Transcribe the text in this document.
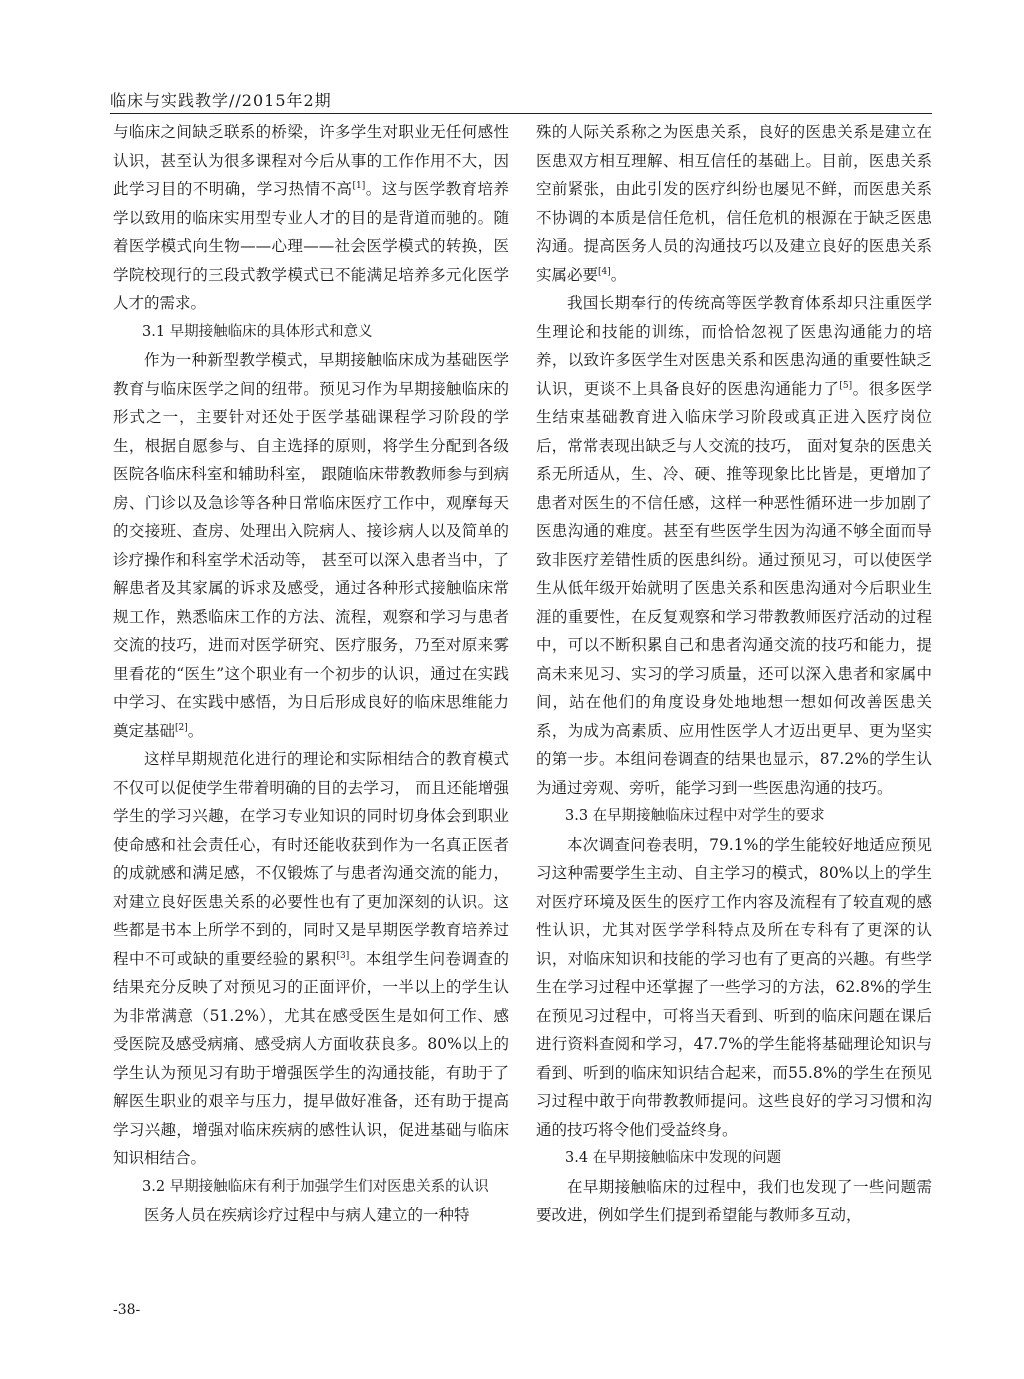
临床与实践教学//2015年2期

与临床之间缺乏联系的桥梁，许多学生对职业无任何感性认识，甚至认为很多课程对今后从事的工作作用不大，因此学习目的不明确，学习热情不高[1]。这与医学教育培养学以致用的临床实用型专业人才的目的是背道而驰的。随着医学模式向生物——心理——社会医学模式的转换，医学院校现行的三段式教学模式已不能满足培养多元化医学人才的需求。

3.1 早期接触临床的具体形式和意义

作为一种新型教学模式，早期接触临床成为基础医学教育与临床医学之间的纽带。预见习作为早期接触临床的形式之一，主要针对还处于医学基础课程学习阶段的学生，根据自愿参与、自主选择的原则，将学生分配到各级医院各临床科室和辅助科室， 跟随临床带教教师参与到病房、门诊以及急诊等各种日常临床医疗工作中，观摩每天的交接班、查房、处理出入院病人、接诊病人以及简单的诊疗操作和科室学术活动等， 甚至可以深入患者当中，了解患者及其家属的诉求及感受，通过各种形式接触临床常规工作，熟悉临床工作的方法、流程，观察和学习与患者交流的技巧，进而对医学研究、医疗服务，乃至对原来雾里看花的“医生”这个职业有一个初步的认识，通过在实践中学习、在实践中感悟，为日后形成良好的临床思维能力奠定基础[2]。

这样早期规范化进行的理论和实际相结合的教育模式不仅可以促使学生带着明确的目的去学习， 而且还能增强学生的学习兴趣，在学习专业知识的同时切身体会到职业使命感和社会责任心，有时还能收获到作为一名真正医者的成就感和满足感，不仅锻炼了与患者沟通交流的能力，对建立良好医患关系的必要性也有了更加深刻的认识。这些都是书本上所学不到的，同时又是早期医学教育培养过程中不可或缺的重要经验的累积[3]。本组学生问卷调查的结果充分反映了对预见习的正面评价，一半以上的学生认为非常满意（51.2%），尤其在感受医生是如何工作、感受医院及感受病痛、感受病人方面收获良多。80%以上的学生认为预见习有助于增强医学生的沟通技能，有助于了解医生职业的艰辛与压力，提早做好准备，还有助于提高学习兴趣，增强对临床疾病的感性认识，促进基础与临床知识相结合。

3.2 早期接触临床有利于加强学生们对医患关系的认识

医务人员在疾病诊疗过程中与病人建立的一种特

殊的人际关系称之为医患关系，良好的医患关系是建立在医患双方相互理解、相互信任的基础上。目前，医患关系空前紧张，由此引发的医疗纠纷也屡见不鲜，而医患关系不协调的本质是信任危机，信任危机的根源在于缺乏医患沟通。提高医务人员的沟通技巧以及建立良好的医患关系实属必要[4]。

我国长期奉行的传统高等医学教育体系却只注重医学生理论和技能的训练，而恰恰忽视了医患沟通能力的培养，以致许多医学生对医患关系和医患沟通的重要性缺乏认识，更谈不上具备良好的医患沟通能力了[5]。很多医学生结束基础教育进入临床学习阶段或真正进入医疗岗位后，常常表现出缺乏与人交流的技巧， 面对复杂的医患关系无所适从，生、冷、硬、推等现象比比皆是，更增加了患者对医生的不信任感，这样一种恶性循环进一步加剧了医患沟通的难度。甚至有些医学生因为沟通不够全面而导致非医疗差错性质的医患纠纷。通过预见习，可以使医学生从低年级开始就明了医患关系和医患沟通对今后职业生涯的重要性，在反复观察和学习带教教师医疗活动的过程中，可以不断积累自己和患者沟通交流的技巧和能力，提高未来见习、实习的学习质量，还可以深入患者和家属中间，站在他们的角度设身处地地想一想如何改善医患关系，为成为高素质、应用性医学人才迈出更早、更为坚实的第一步。本组问卷调查的结果也显示，87.2%的学生认为通过旁观、旁听，能学习到一些医患沟通的技巧。

3.3 在早期接触临床过程中对学生的要求

本次调查问卷表明，79.1%的学生能较好地适应预见习这种需要学生主动、自主学习的模式，80%以上的学生对医疗环境及医生的医疗工作内容及流程有了较直观的感性认识，尤其对医学学科特点及所在专科有了更深的认识，对临床知识和技能的学习也有了更高的兴趣。有些学生在学习过程中还掌握了一些学习的方法，62.8%的学生在预见习过程中，可将当天看到、听到的临床问题在课后进行资料查阅和学习，47.7%的学生能将基础理论知识与看到、听到的临床知识结合起来，而55.8%的学生在预见习过程中敢于向带教教师提问。这些良好的学习习惯和沟通的技巧将令他们受益终身。

3.4 在早期接触临床中发现的问题

在早期接触临床的过程中，我们也发现了一些问题需要改进，例如学生们提到希望能与教师多互动，

-38-
